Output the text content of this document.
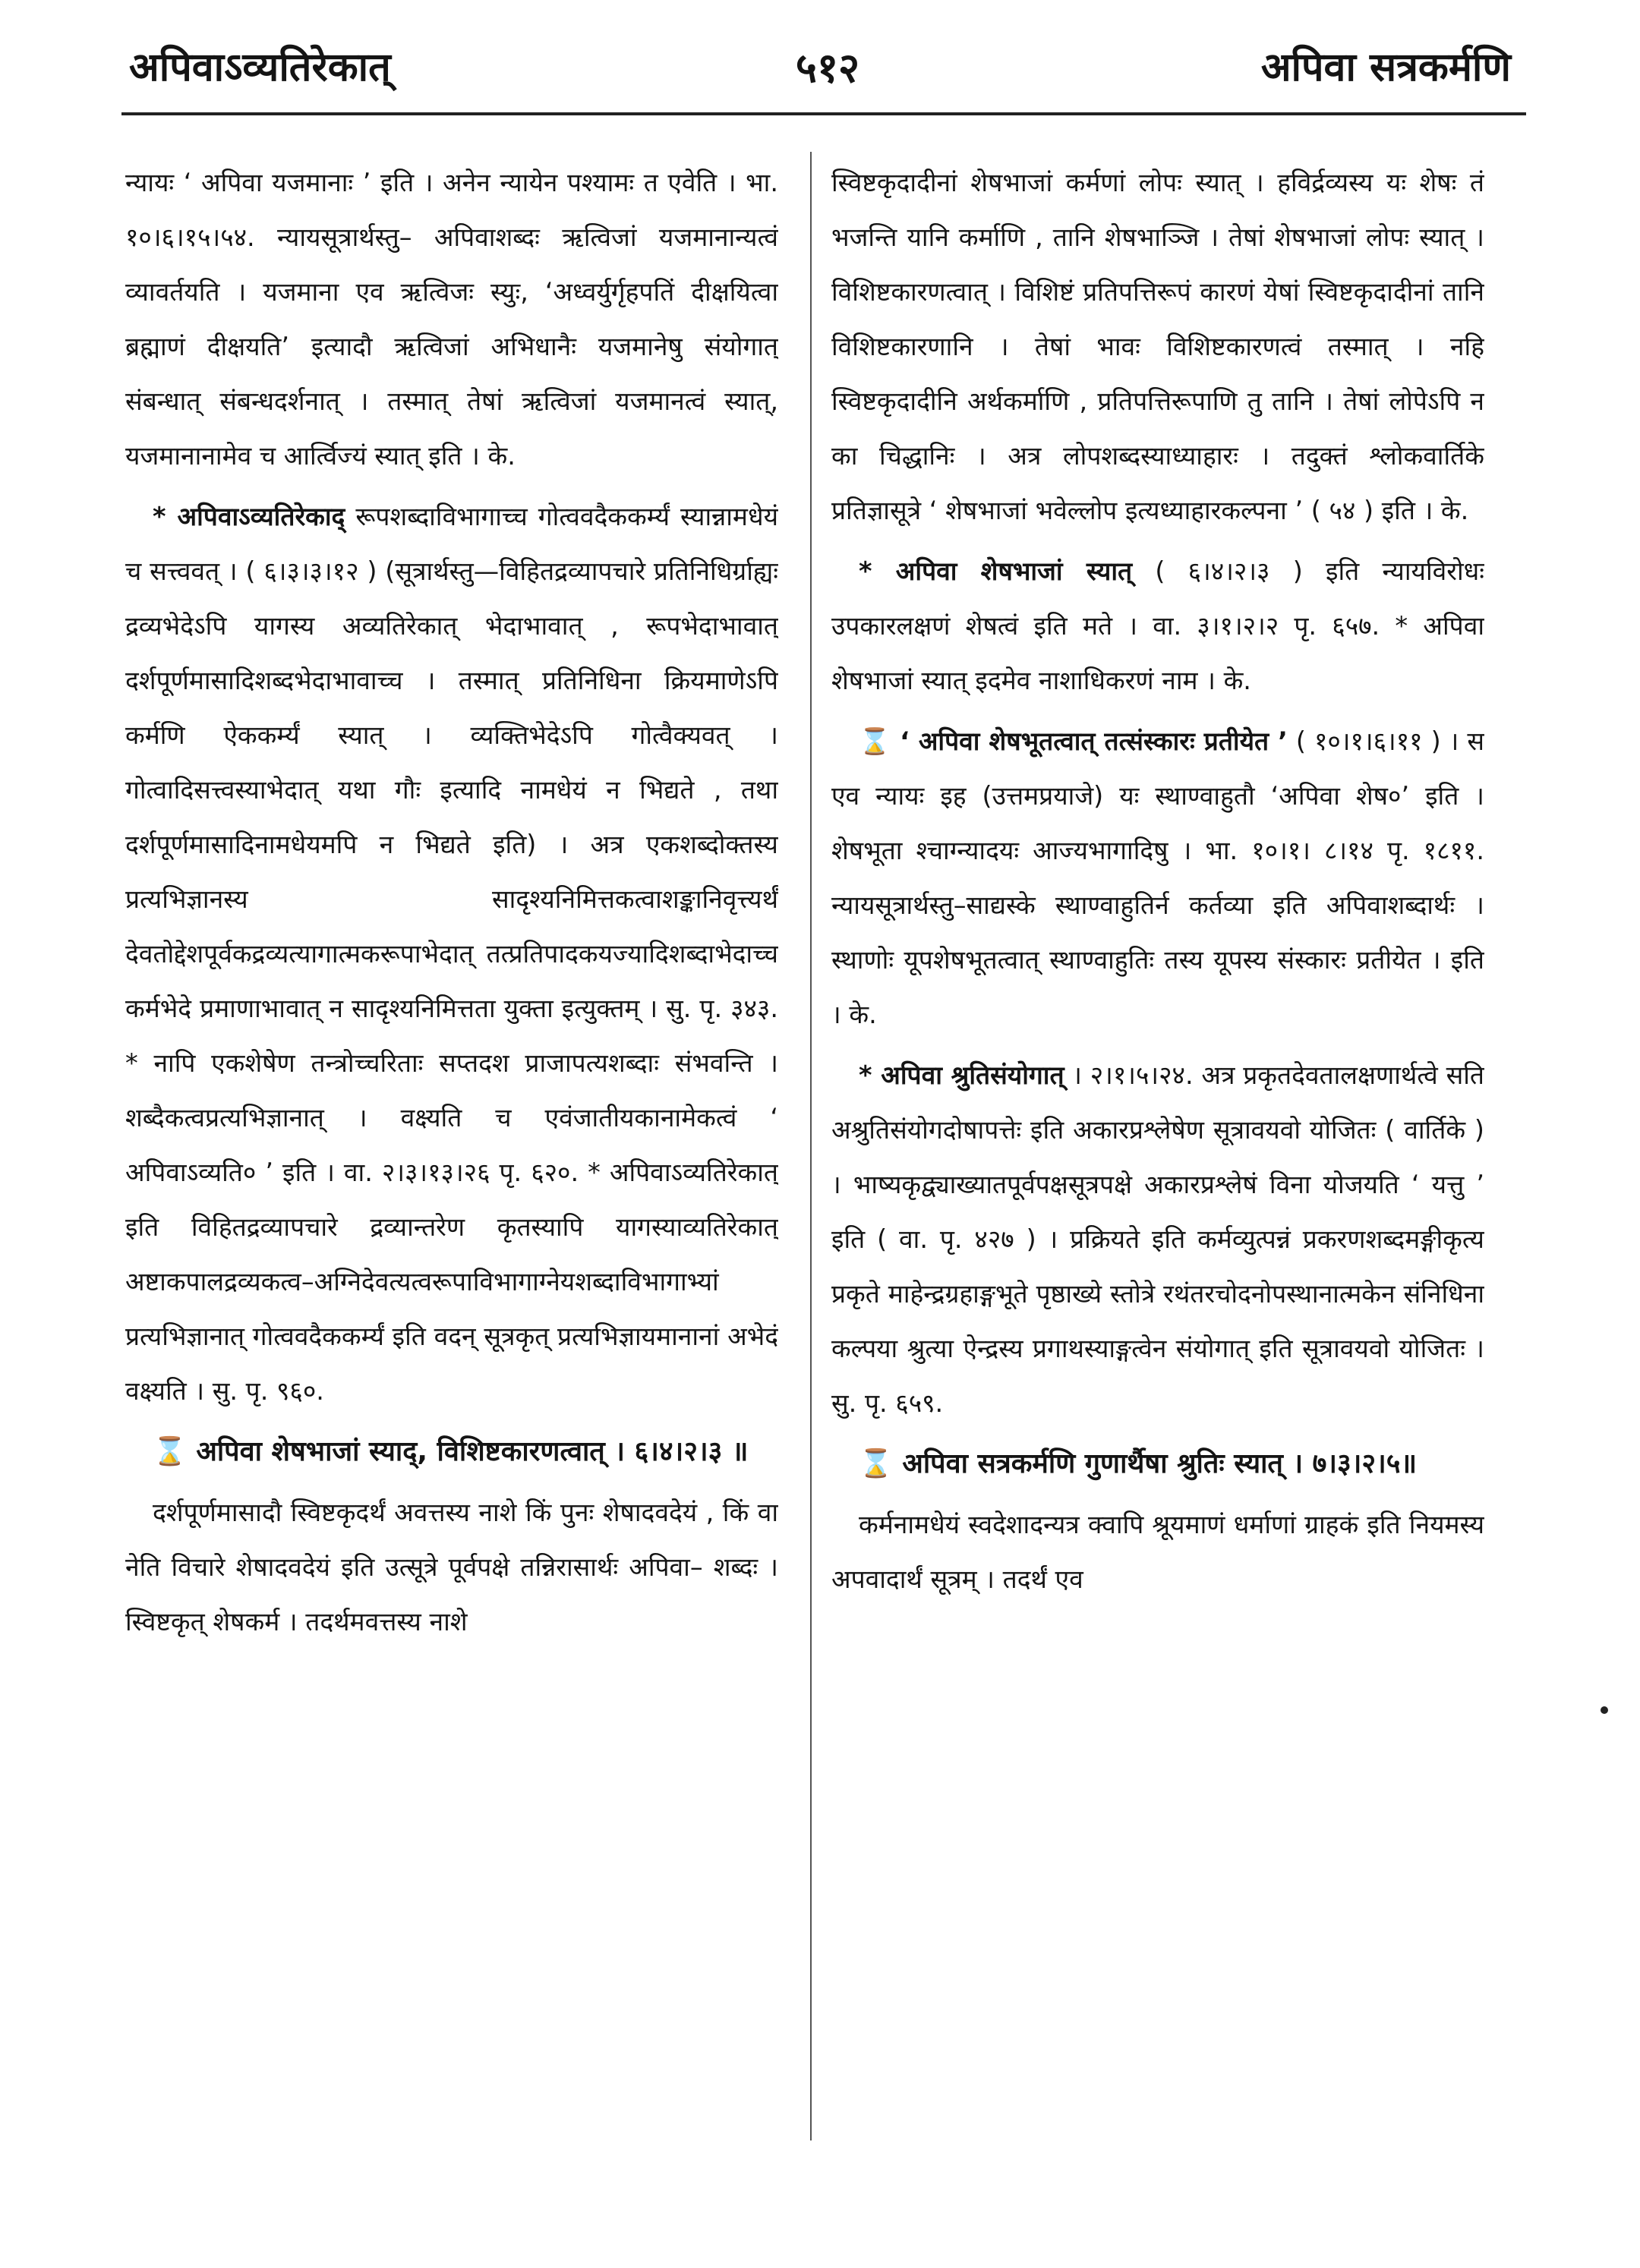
अपिवाऽव्यतिरेकात्	५१२	अपिवा सत्रकर्मणि

न्यायः ‘ अपिवा यजमानाः ’ इति । अनेन न्यायेन पश्यामः त एवेति । भा. १०।६।१५।५४. न्यायसूत्रार्थस्तु– अपिवाशब्दः ऋत्विजां यजमानान्यत्वं व्यावर्तयति । यजमाना एव ऋत्विजः स्युः, ‘अध्वर्युर्गृहपतिं दीक्षयित्वा ब्रह्माणं दीक्षयति’ इत्यादौ ऋत्विजां अभिधानैः यजमानेषु संयोगात् संबन्धात् संबन्धदर्शनात् । तस्मात् तेषां ऋत्विजां यजमानत्वं स्यात्, यजमानानामेव च आर्त्विज्यं स्यात् इति । के.

* अपिवाऽव्यतिरेकाद् रूपशब्दाविभागाच्च गोत्ववदैककर्म्यं स्यान्नामधेयं च सत्त्ववत् । ( ६।३।३।१२ ) (सूत्रार्थस्तु—विहितद्रव्यापचारे प्रतिनिधिर्ग्राह्यः द्रव्यभेदेऽपि यागस्य अव्यतिरेकात् भेदाभावात् , रूपभेदाभावात् दर्शपूर्णमासादिशब्दभेदाभावाच्च । तस्मात् प्रतिनिधिना क्रियमाणेऽपि कर्मणि ऐककर्म्यं स्यात् । व्यक्तिभेदेऽपि गोत्वैक्यवत् । गोत्वादिसत्त्वस्याभेदात् यथा गौः इत्यादि नामधेयं न भिद्यते , तथा दर्शपूर्णमासादिनामधेयमपि न भिद्यते इति) । अत्र एकशब्दोक्तस्य प्रत्यभिज्ञानस्य सादृश्यनिमित्तकत्वाशङ्कानिवृत्त्यर्थं देवतोद्देशपूर्वकद्रव्यत्यागात्मकरूपाभेदात् तत्प्रतिपादकयज्यादिशब्दाभेदाच्च कर्मभेदे प्रमाणाभावात् न सादृश्यनिमित्तता युक्ता इत्युक्तम् । सु. पृ. ३४३. * नापि एकशेषेण तन्त्रोच्चरिताः सप्तदश प्राजापत्यशब्दाः संभवन्ति । शब्दैकत्वप्रत्यभिज्ञानात् । वक्ष्यति च एवंजातीयकानामेकत्वं ‘ अपिवाऽव्यति० ’ इति । वा. २।३।१३।२६ पृ. ६२०. * अपिवाऽव्यतिरेकात् इति विहितद्रव्यापचारे द्रव्यान्तरेण कृतस्यापि यागस्याव्यतिरेकात् अष्टाकपालद्रव्यकत्व–अग्निदेवत्यत्वरूपाविभागाग्नेयशब्दाविभागाभ्यां प्रत्यभिज्ञानात् गोत्ववदैककर्म्यं इति वदन् सूत्रकृत् प्रत्यभिज्ञायमानानां अभेदं वक्ष्यति । सु. पृ. ९६०.

⌛ अपिवा शेषभाजां स्याद्, विशिष्टकारणत्वात् । ६।४।२।३ ॥

दर्शपूर्णमासादौ स्विष्टकृदर्थं अवत्तस्य नाशे किं पुनः शेषादवदेयं , किं वा नेति विचारे शेषादवदेयं इति उत्सूत्रे पूर्वपक्षे तन्निरासार्थः अपिवा– शब्दः । स्विष्टकृत् शेषकर्म । तदर्थमवत्तस्य नाशे

स्विष्टकृदादीनां शेषभाजां कर्मणां लोपः स्यात् । हविर्द्रव्यस्य यः शेषः तं भजन्ति यानि कर्माणि , तानि शेषभाञ्जि । तेषां शेषभाजां लोपः स्यात् । विशिष्टकारणत्वात् । विशिष्टं प्रतिपत्तिरूपं कारणं येषां स्विष्टकृदादीनां तानि विशिष्टकारणानि । तेषां भावः विशिष्टकारणत्वं तस्मात् । नहि स्विष्टकृदादीनि अर्थकर्माणि , प्रतिपत्तिरूपाणि तु तानि । तेषां लोपेऽपि न का चिद्धानिः । अत्र लोपशब्दस्याध्याहारः । तदुक्तं श्लोकवार्तिके प्रतिज्ञासूत्रे ‘ शेषभाजां भवेल्लोप इत्यध्याहारकल्पना ’ ( ५४ ) इति । के.

* अपिवा शेषभाजां स्यात् ( ६।४।२।३ ) इति न्यायविरोधः उपकारलक्षणं शेषत्वं इति मते । वा. ३।१।२।२ पृ. ६५७. * अपिवा शेषभाजां स्यात् इदमेव नाशाधिकरणं नाम । के.

⌛ ‘ अपिवा शेषभूतत्वात् तत्संस्कारः प्रतीयेत ’ ( १०।१।६।११ ) । स एव न्यायः इह (उत्तमप्रयाजे) यः स्थाण्वाहुतौ ‘अपिवा शेष०’ इति । शेषभूता श्चाग्न्यादयः आज्यभागादिषु । भा. १०।१। ८।१४ पृ. १८११. न्यायसूत्रार्थस्तु–साद्यस्के स्थाण्वाहुतिर्न कर्तव्या इति अपिवाशब्दार्थः । स्थाणोः यूपशेषभूतत्वात् स्थाण्वाहुतिः तस्य यूपस्य संस्कारः प्रतीयेत । इति । के.

* अपिवा श्रुतिसंयोगात् । २।१।५।२४. अत्र प्रकृतदेवतालक्षणार्थत्वे सति अश्रुतिसंयोगदोषापत्तेः इति अकारप्रश्लेषेण सूत्रावयवो योजितः ( वार्तिके ) । भाष्यकृद्व्याख्यातपूर्वपक्षसूत्रपक्षे अकारप्रश्लेषं विना योजयति ‘ यत्तु ’ इति ( वा. पृ. ४२७ ) । प्रक्रियते इति कर्मव्युत्पन्नं प्रकरणशब्दमङ्गीकृत्य प्रकृते माहेन्द्रग्रहाङ्गभूते पृष्ठाख्ये स्तोत्रे रथंतरचोदनोपस्थानात्मकेन संनिधिना कल्पया श्रुत्या ऐन्द्रस्य प्रगाथस्याङ्गत्वेन संयोगात् इति सूत्रावयवो योजितः । सु. पृ. ६५९.

⌛ अपिवा सत्रकर्मणि गुणार्थैषा श्रुतिः स्यात् । ७।३।२।५॥

कर्मनामधेयं स्वदेशादन्यत्र क्वापि श्रूयमाणं धर्माणां ग्राहकं इति नियमस्य अपवादार्थं सूत्रम् । तदर्थं एव
